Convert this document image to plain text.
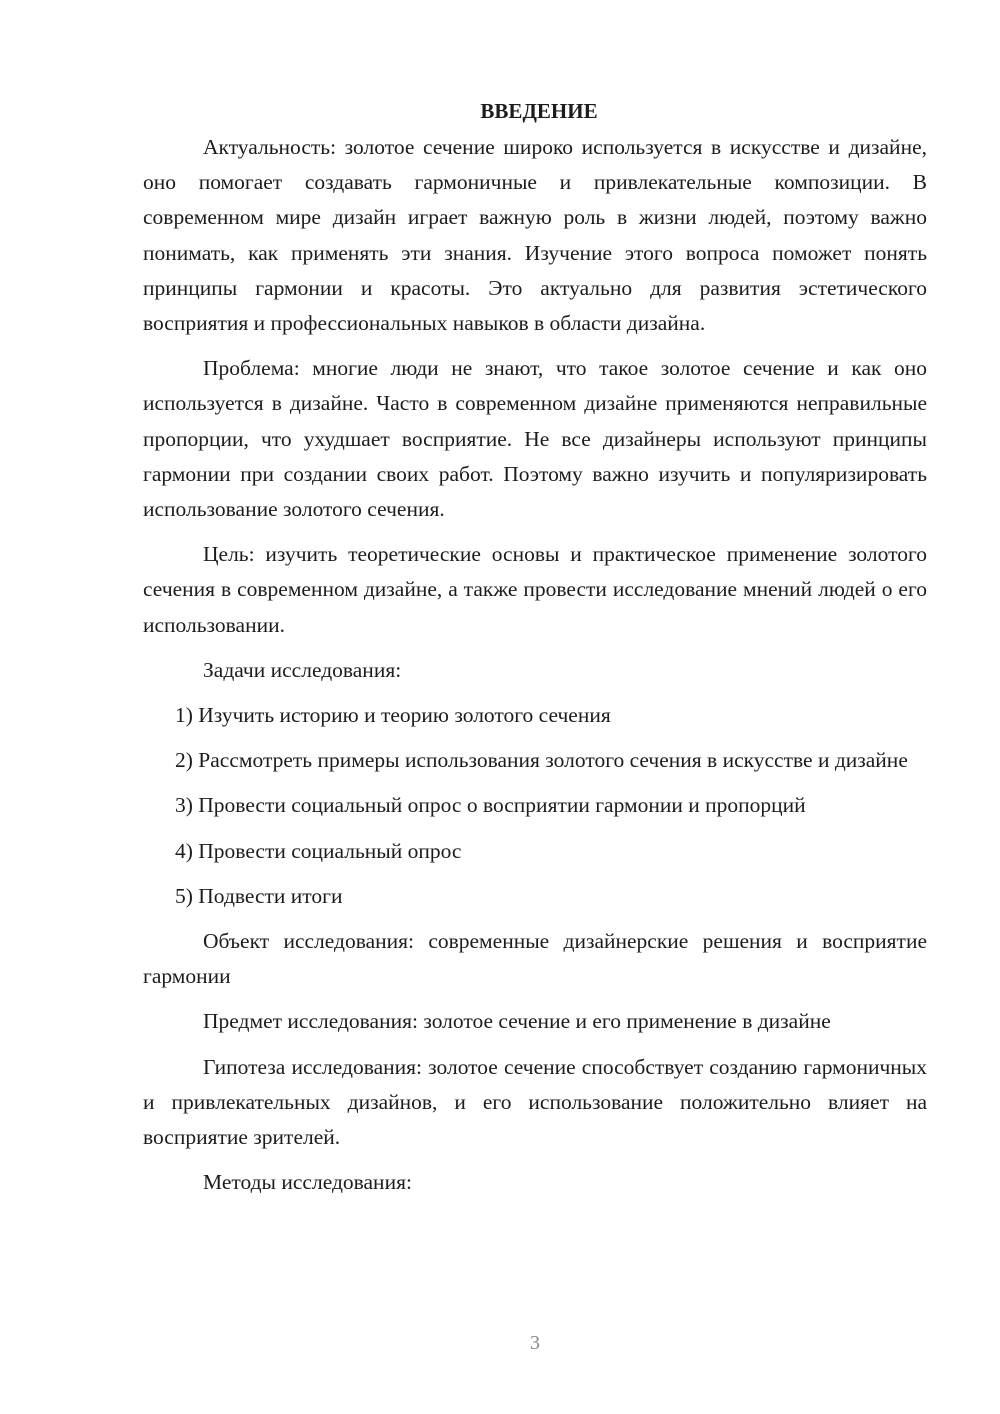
ВВЕДЕНИЕ

Актуальность: золотое сечение широко используется в искусстве и дизайне, оно помогает создавать гармоничные и привлекательные композиции. В современном мире дизайн играет важную роль в жизни людей, поэтому важно понимать, как применять эти знания. Изучение этого вопроса поможет понять принципы гармонии и красоты. Это актуально для развития эстетического восприятия и профессиональных навыков в области дизайна.

Проблема: многие люди не знают, что такое золотое сечение и как оно используется в дизайне. Часто в современном дизайне применяются неправильные пропорции, что ухудшает восприятие. Не все дизайнеры используют принципы гармонии при создании своих работ. Поэтому важно изучить и популяризировать использование золотого сечения.

Цель: изучить теоретические основы и практическое применение золотого сечения в современном дизайне, а также провести исследование мнений людей о его использовании.

Задачи исследования:

1) Изучить историю и теорию золотого сечения

2) Рассмотреть примеры использования золотого сечения в искусстве и дизайне

3) Провести социальный опрос о восприятии гармонии и пропорций

4) Провести социальный опрос

5) Подвести итоги

Объект исследования: современные дизайнерские решения и восприятие гармонии

Предмет исследования: золотое сечение и его применение в дизайне

Гипотеза исследования: золотое сечение способствует созданию гармоничных и привлекательных дизайнов, и его использование положительно влияет на восприятие зрителей.

Методы исследования:

3
